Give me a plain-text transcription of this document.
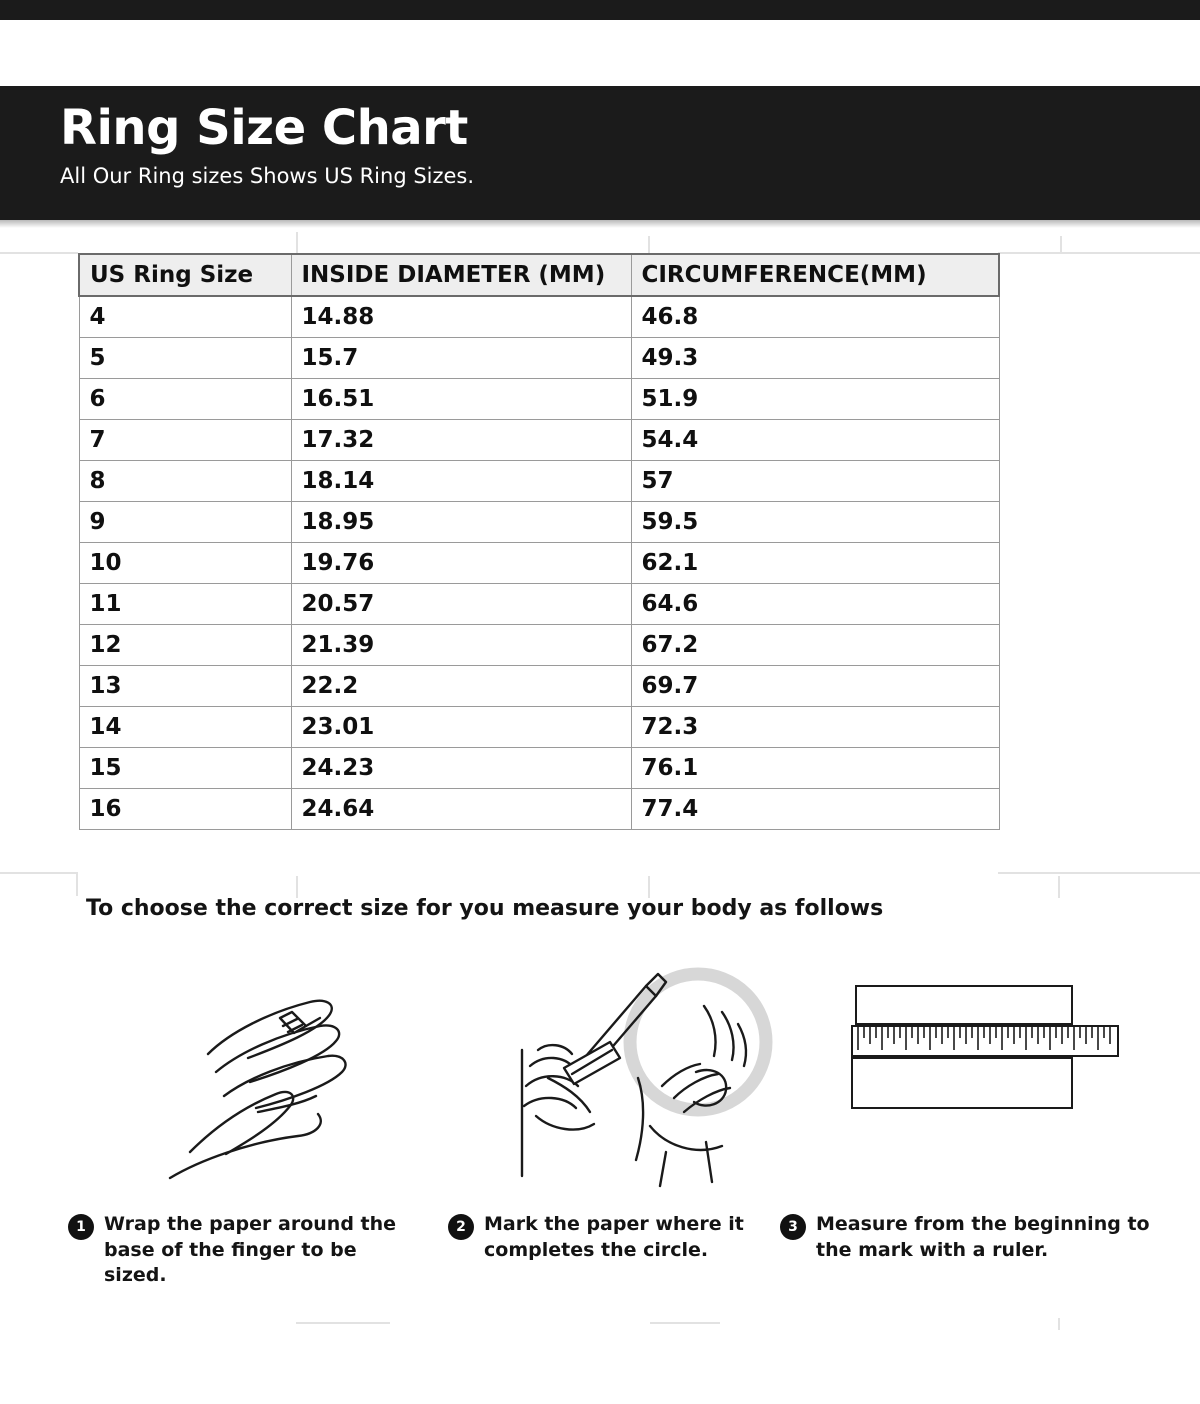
Ring Size Chart
All Our Ring sizes Shows US Ring Sizes.
US Ring Size	INSIDE DIAMETER (MM)	CIRCUMFERENCE(MM)
4	14.88	46.8
5	15.7	49.3
6	16.51	51.9
7	17.32	54.4
8	18.14	57
9	18.95	59.5
10	19.76	62.1
11	20.57	64.6
12	21.39	67.2
13	22.2	69.7
14	23.01	72.3
15	24.23	76.1
16	24.64	77.4
To choose the correct size for you measure your body as follows
1 Wrap the paper around the base of the finger to be sized.
2 Mark the paper where it completes the circle.
3 Measure from the beginning to the mark with a ruler.
